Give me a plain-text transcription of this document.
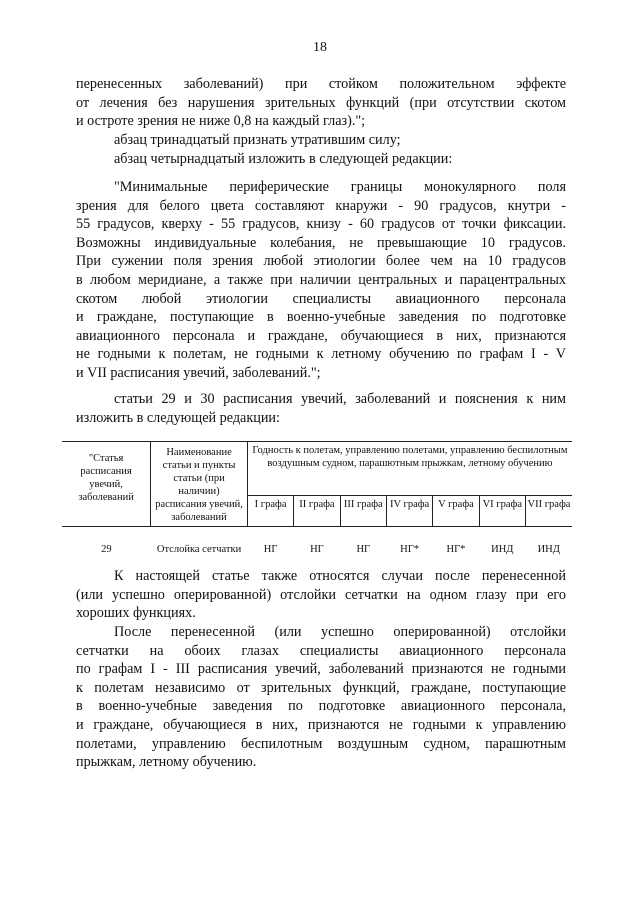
18

перенесенных заболеваний) при стойком положительном эффекте
от лечения без нарушения зрительных функций (при отсутствии скотом
и остроте зрения не ниже 0,8 на каждый глаз).";

абзац тринадцатый признать утратившим силу;

абзац четырнадцатый изложить в следующей редакции:

"Минимальные периферические границы монокулярного поля
зрения для белого цвета составляют кнаружи - 90 градусов, кнутри -
55 градусов, кверху - 55 градусов, книзу - 60 градусов от точки фиксации.
Возможны индивидуальные колебания, не превышающие 10 градусов.
При сужении поля зрения любой этиологии более чем на 10 градусов
в любом меридиане, а также при наличии центральных и парацентральных
скотом любой этиологии специалисты авиационного персонала
и граждане, поступающие в военно-учебные заведения по подготовке
авиационного персонала и граждане, обучающиеся в них, признаются
не годными к полетам, не годными к летному обучению по графам I - V
и VII расписания увечий, заболеваний.";

статьи 29 и 30 расписания увечий, заболеваний и пояснения к ним
изложить в следующей редакции:

"Статья расписания увечий, заболеваний	Наименование статьи и пункты статьи (при наличии) расписания увечий, заболеваний	Годность к полетам, управлению полетами, управлению беспилотным воздушным судном, парашютным прыжкам, летному обучению						
		I графа	II графа	III графа	IV графа	V графа	VI графа	VII графа
29	Отслойка сетчатки	НГ	НГ	НГ	НГ*	НГ*	ИНД	ИНД

К настоящей статье также относятся случаи после перенесенной
(или успешно оперированной) отслойки сетчатки на одном глазу при его
хороших функциях.

После перенесенной (или успешно оперированной) отслойки
сетчатки на обоих глазах специалисты авиационного персонала
по графам I - III расписания увечий, заболеваний признаются не годными
к полетам независимо от зрительных функций, граждане, поступающие
в военно-учебные заведения по подготовке авиационного персонала,
и граждане, обучающиеся в них, признаются не годными к управлению
полетами, управлению беспилотным воздушным судном, парашютным
прыжкам, летному обучению.
